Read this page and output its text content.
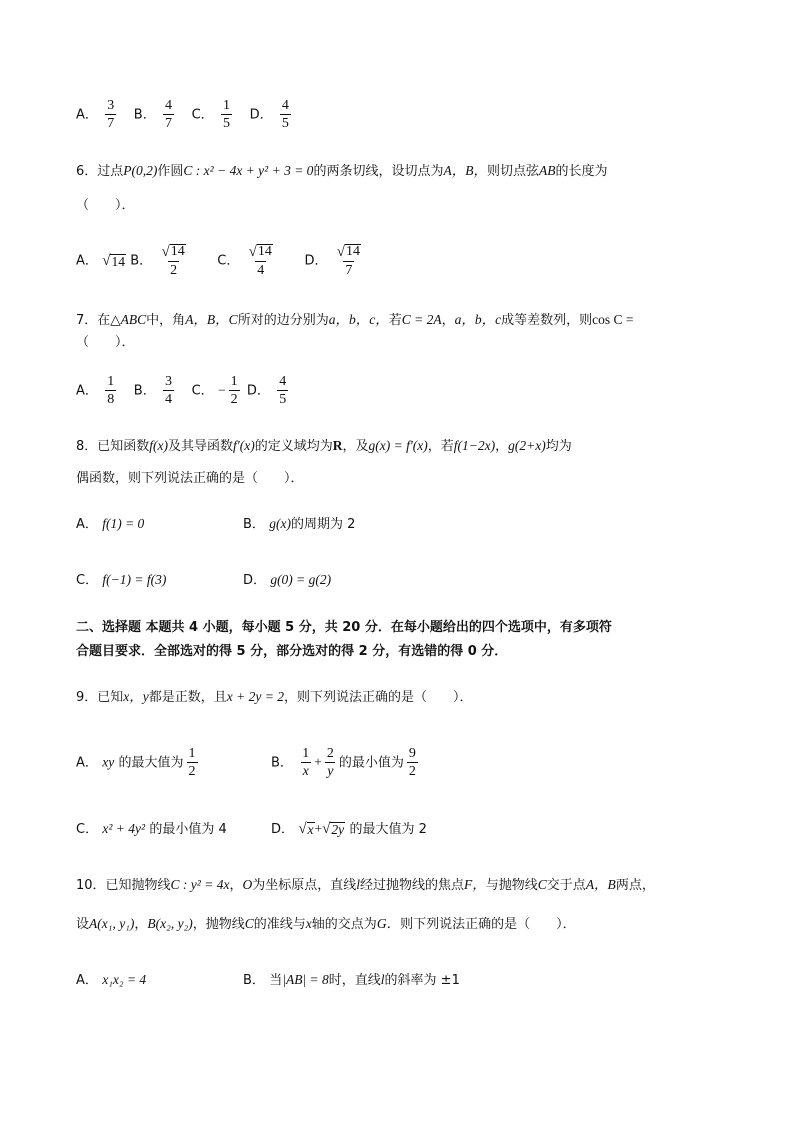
A． $\frac{3}{7}$ B． $\frac{4}{7}$ C． $\frac{1}{5}$ D． $\frac{4}{5}$
6．过点P(0,2)作圆C : x² − 4x + y² + 3 = 0的两条切线，设切点为A，B，则切点弦AB的长度为
（　　）．
A． √ 14 B． $\frac{√ 14}{2}$ C． $\frac{√ 14}{4}$ D． $\frac{√ 14}{7}$
7．在△ABC中，角A，B，C所对的边分别为a，b，c，若C = 2A，a，b，c成等差数列，则cos C =
（　　）．
A． $\frac{1}{8}$ B． $\frac{3}{4}$ C． − $\frac{1}{2}$ D． $\frac{4}{5}$
8．已知函数f(x)及其导函数f′(x)的定义域均为R，及g(x) = f′(x)，若f(1−2x)，g(2+x)均为
偶函数，则下列说法正确的是（　　）．
A． f(1) = 0	B． g(x)的周期为 2
C． f(−1) = f(3)	D． g(0) = g(2)
二、选择题 本题共 4 小题，每小题 5 分，共 20 分．在每小题给出的四个选项中，有多项符
合题目要求．全部选对的得 5 分，部分选对的得 2 分，有选错的得 0 分．
9．已知x，y都是正数，且x + 2y = 2，则下列说法正确的是（　　）．
A． xy 的最大值为 $\frac{1}{2}$	B． $\frac{1}{x} + \frac{2}{y}$ 的最小值为 $\frac{9}{2}$
C． x² + 4y² 的最小值为 4	D． √ x + √ 2y 的最大值为 2
10．已知抛物线C : y² = 4x，O为坐标原点，直线l经过抛物线的焦点F，与抛物线C交于点A，B两点，
设A(x₁, y₁)，B(x₂, y₂)，抛物线C的准线与x轴的交点为G．则下列说法正确的是（　　）．
A． x₁x₂ = 4	B． 当|AB| = 8时，直线l的斜率为 ±1
